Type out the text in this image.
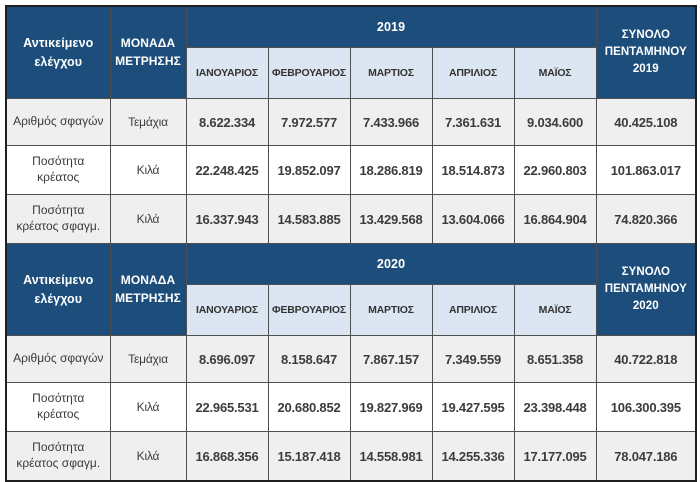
Αντικείμενο ελέγχου	ΜΟΝΑΔΑ ΜΕΤΡΗΣΗΣ	2019					ΣΥΝΟΛΟ ΠΕΝΤΑΜΗΝΟΥ 2019
		ΙΑΝΟΥΑΡΙΟΣ	ΦΕΒΡΟΥΑΡΙΟΣ	ΜΑΡΤΙΟΣ	ΑΠΡΙΛΙΟΣ	ΜΑΪΟΣ	
Αριθμός σφαγών	Τεμάχια	8.622.334	7.972.577	7.433.966	7.361.631	9.034.600	40.425.108
Ποσότητα κρέατος	Κιλά	22.248.425	19.852.097	18.286.819	18.514.873	22.960.803	101.863.017
Ποσότητα κρέατος σφαγμ.	Κιλά	16.337.943	14.583.885	13.429.568	13.604.066	16.864.904	74.820.366
Αντικείμενο ελέγχου	ΜΟΝΑΔΑ ΜΕΤΡΗΣΗΣ	2020					ΣΥΝΟΛΟ ΠΕΝΤΑΜΗΝΟΥ 2020
		ΙΑΝΟΥΑΡΙΟΣ	ΦΕΒΡΟΥΑΡΙΟΣ	ΜΑΡΤΙΟΣ	ΑΠΡΙΛΙΟΣ	ΜΑΪΟΣ	
Αριθμός σφαγών	Τεμάχια	8.696.097	8.158.647	7.867.157	7.349.559	8.651.358	40.722.818
Ποσότητα κρέατος	Κιλά	22.965.531	20.680.852	19.827.969	19.427.595	23.398.448	106.300.395
Ποσότητα κρέατος σφαγμ.	Κιλά	16.868.356	15.187.418	14.558.981	14.255.336	17.177.095	78.047.186
